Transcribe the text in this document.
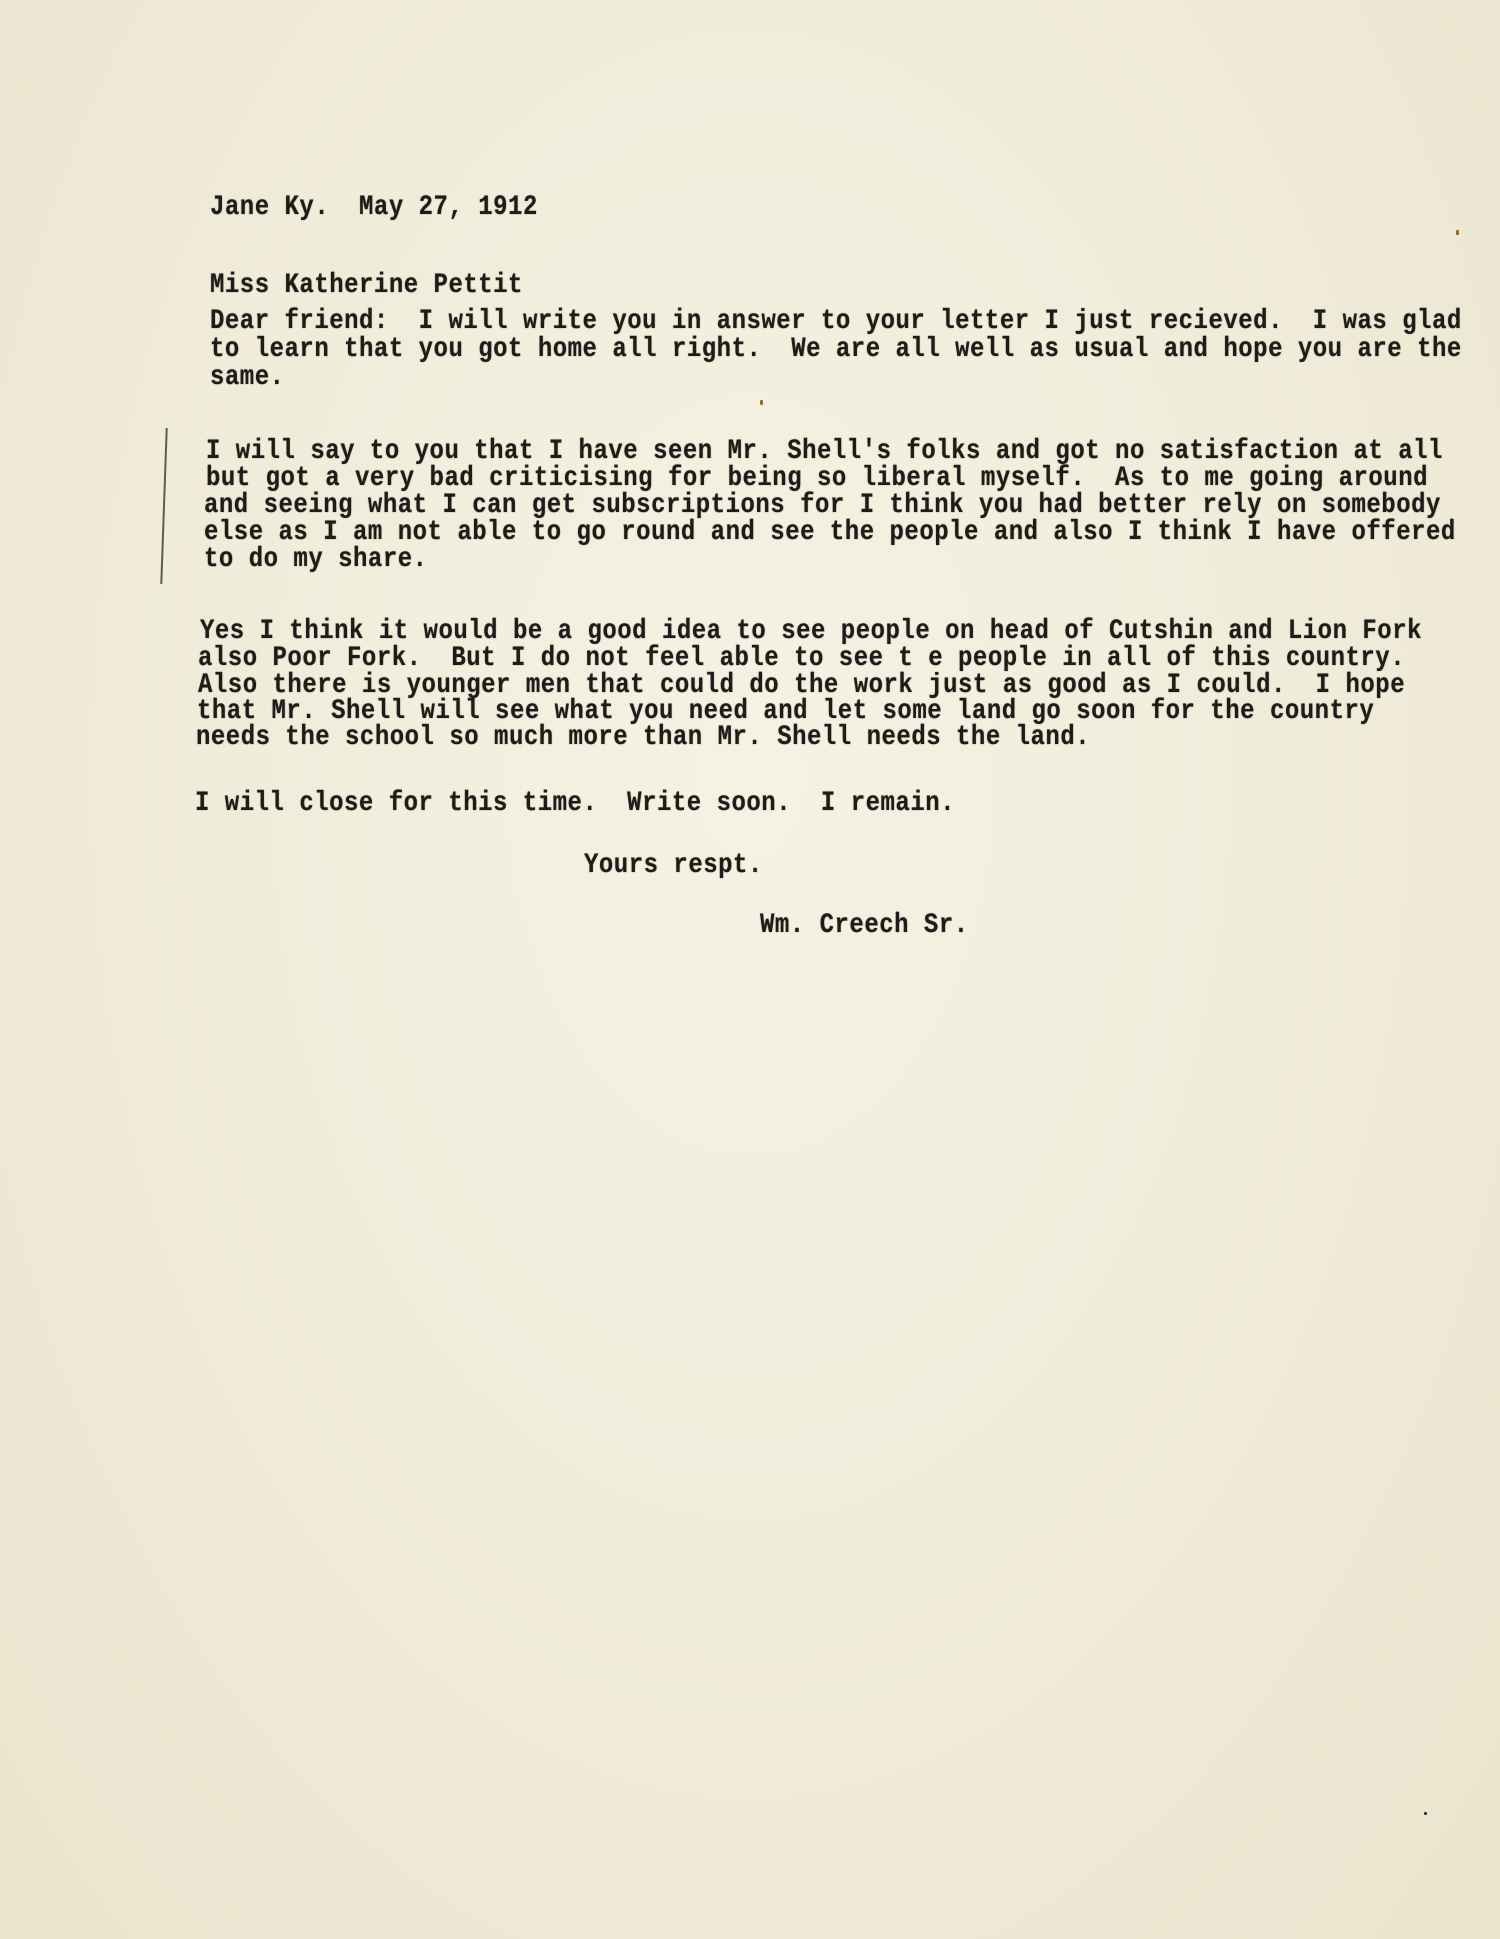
Jane Ky.  May 27, 1912
Miss Katherine Pettit
Dear friend:  I will write you in answer to your letter I just recieved.  I was glad
to learn that you got home all right.  We are all well as usual and hope you are the
same.
I will say to you that I have seen Mr. Shell's folks and got no satisfaction at all
but got a very bad criticising for being so liberal myself.  As to me going around
and seeing what I can get subscriptions for I think you had better rely on somebody
else as I am not able to go round and see the people and also I think I have offered
to do my share.
Yes I think it would be a good idea to see people on head of Cutshin and Lion Fork
also Poor Fork.  But I do not feel able to see t e people in all of this country.
Also there is younger men that could do the work just as good as I could.  I hope
that Mr. Shell will see what you need and let some land go soon for the country
needs the school so much more than Mr. Shell needs the land.
I will close for this time.  Write soon.  I remain.
Yours respt.
Wm. Creech Sr.
